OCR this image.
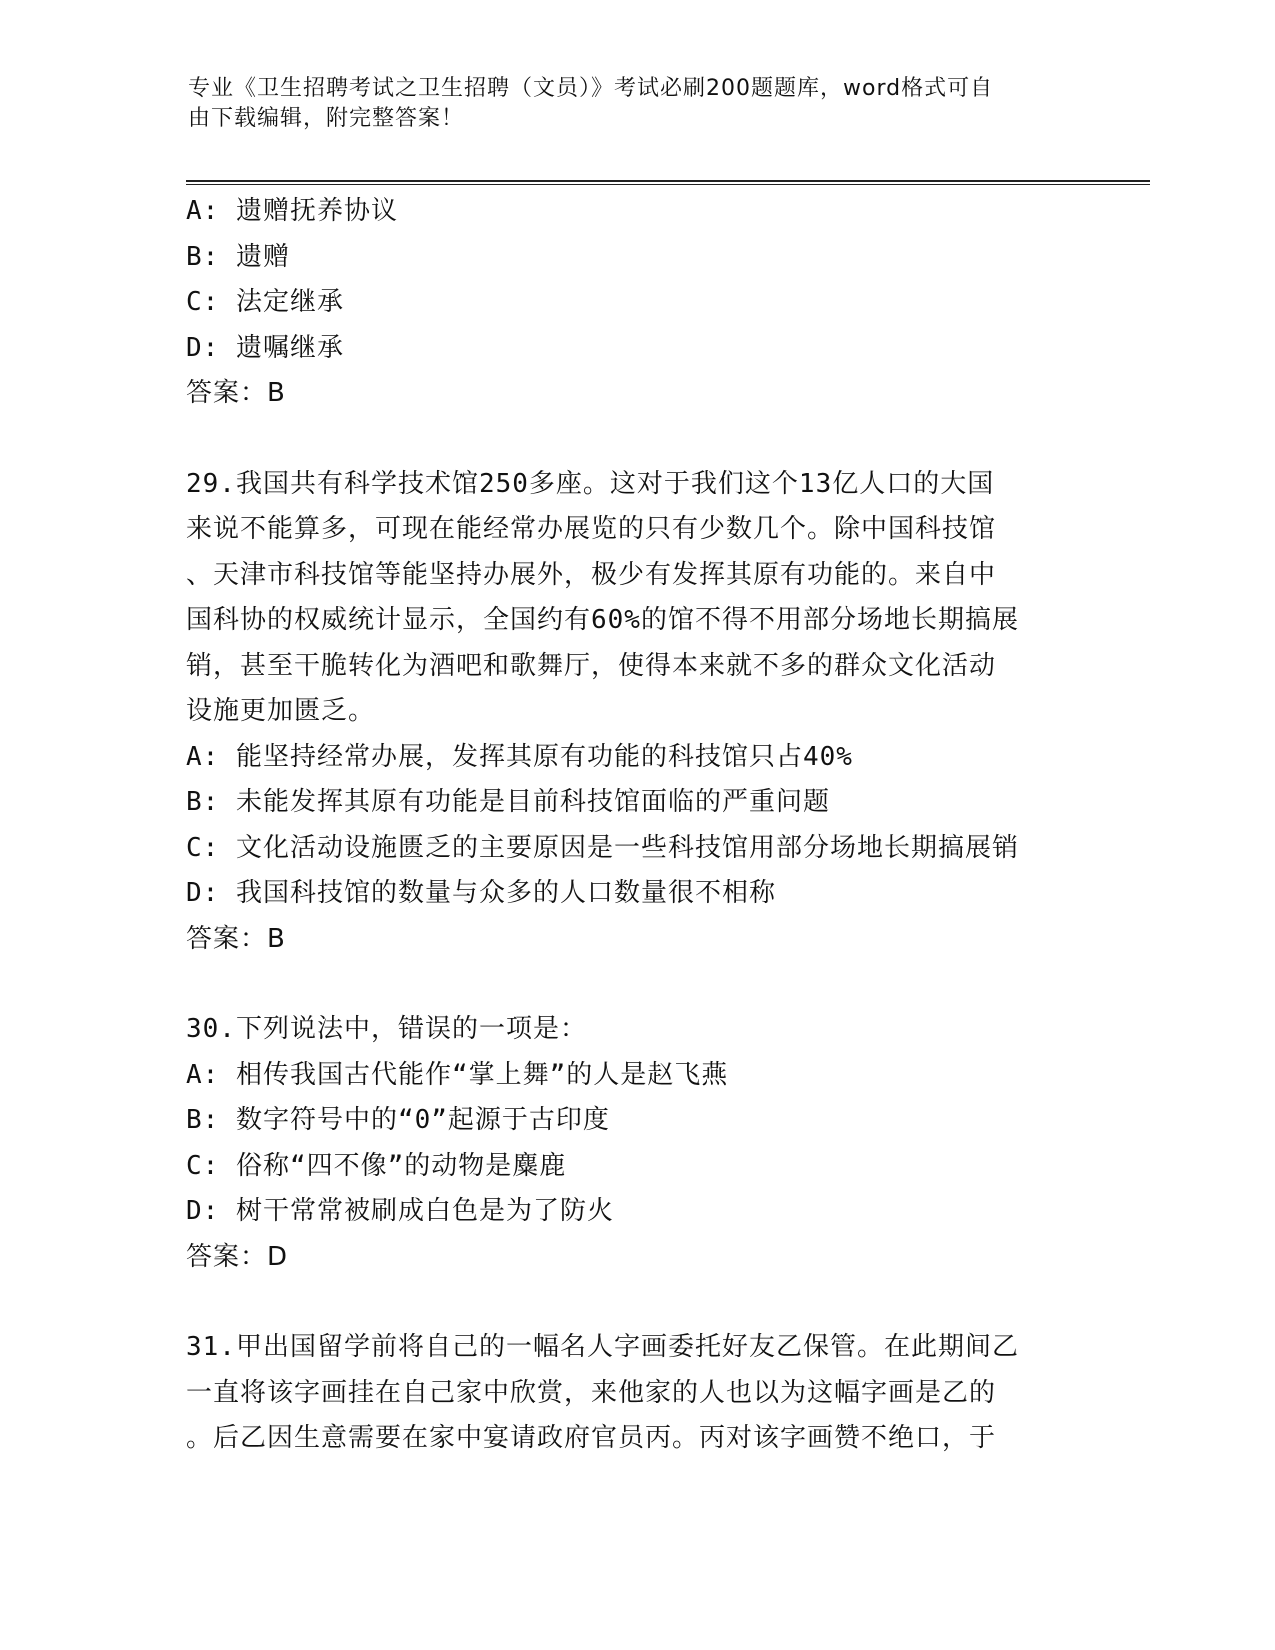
专业《卫生招聘考试之卫生招聘（文员）》考试必刷200题题库，word格式可自
由下载编辑，附完整答案！
A: 遗赠抚养协议
B: 遗赠
C: 法定继承
D: 遗嘱继承
答案：B
29.我国共有科学技术馆250多座。这对于我们这个13亿人口的大国
来说不能算多，可现在能经常办展览的只有少数几个。除中国科技馆
、天津市科技馆等能坚持办展外，极少有发挥其原有功能的。来自中
国科协的权威统计显示，全国约有60%的馆不得不用部分场地长期搞展
销，甚至干脆转化为酒吧和歌舞厅，使得本来就不多的群众文化活动
设施更加匮乏。
A: 能坚持经常办展，发挥其原有功能的科技馆只占40%
B: 未能发挥其原有功能是目前科技馆面临的严重问题
C: 文化活动设施匮乏的主要原因是一些科技馆用部分场地长期搞展销
D: 我国科技馆的数量与众多的人口数量很不相称
答案：B
30.下列说法中，错误的一项是：
A: 相传我国古代能作“掌上舞”的人是赵飞燕
B: 数字符号中的“0”起源于古印度
C: 俗称“四不像”的动物是麋鹿
D: 树干常常被刷成白色是为了防火
答案：D
31.甲出国留学前将自己的一幅名人字画委托好友乙保管。在此期间乙
一直将该字画挂在自己家中欣赏，来他家的人也以为这幅字画是乙的
。后乙因生意需要在家中宴请政府官员丙。丙对该字画赞不绝口，于
